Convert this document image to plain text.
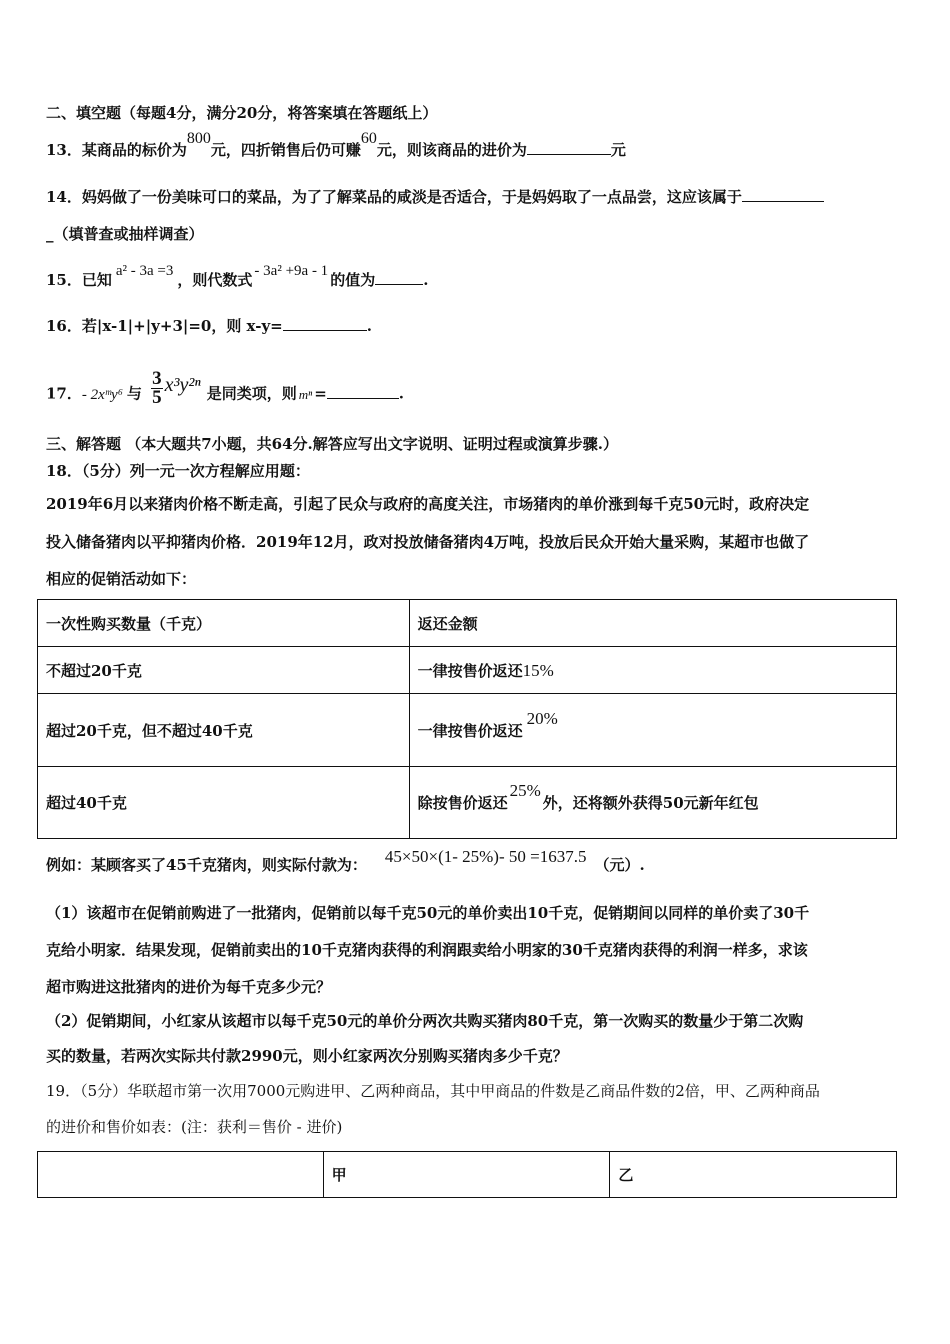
二、填空题（每题4分，满分20分，将答案填在答题纸上）
13．某商品的标价为800元，四折销售后仍可赚60元，则该商品的进价为	元
14．妈妈做了一份美味可口的菜品，为了了解菜品的咸淡是否适合，于是妈妈取了一点品尝，这应该属于
_（填普查或抽样调查）
15．已知 a² - 3a =3 ，则代数式 - 3a² +9a - 1 的值为	.
16．若|x-1|+|y+3|=0，则 x-y=	.
17．- 2xᵐy⁶ 与 $\frac{3}{5} x^3y^{2n}$ 是同类项，则 mⁿ =	.
三、解答题 （本大题共7小题，共64分.解答应写出文字说明、证明过程或演算步骤.）
18．（5分）列一元一次方程解应用题：
2019年6月以来猪肉价格不断走高，引起了民众与政府的高度关注，市场猪肉的单价涨到每千克50元时，政府决定
投入储备猪肉以平抑猪肉价格．2019年12月，政对投放储备猪肉4万吨，投放后民众开始大量采购，某超市也做了
相应的促销活动如下：
一次性购买数量（千克）	返还金额
不超过20千克	一律按售价返还15%
超过20千克，但不超过40千克	一律按售价返还20%
超过40千克	除按售价返还25%外，还将额外获得50元新年红包
例如：某顾客买了45千克猪肉，则实际付款为： 45×50×(1- 25%)- 50 =1637.5 （元）.
（1）该超市在促销前购进了一批猪肉，促销前以每千克50元的单价卖出10千克，促销期间以同样的单价卖了30千
克给小明家．结果发现，促销前卖出的10千克猪肉获得的利润跟卖给小明家的30千克猪肉获得的利润一样多，求该
超市购进这批猪肉的进价为每千克多少元？
（2）促销期间，小红家从该超市以每千克50元的单价分两次共购买猪肉80千克，第一次购买的数量少于第二次购
买的数量，若两次实际共付款2990元，则小红家两次分别购买猪肉多少千克？
19．（5分）华联超市第一次用7000元购进甲、乙两种商品，其中甲商品的件数是乙商品件数的2倍，甲、乙两种商品
的进价和售价如表：(注：获利＝售价 - 进价)
	甲	乙
